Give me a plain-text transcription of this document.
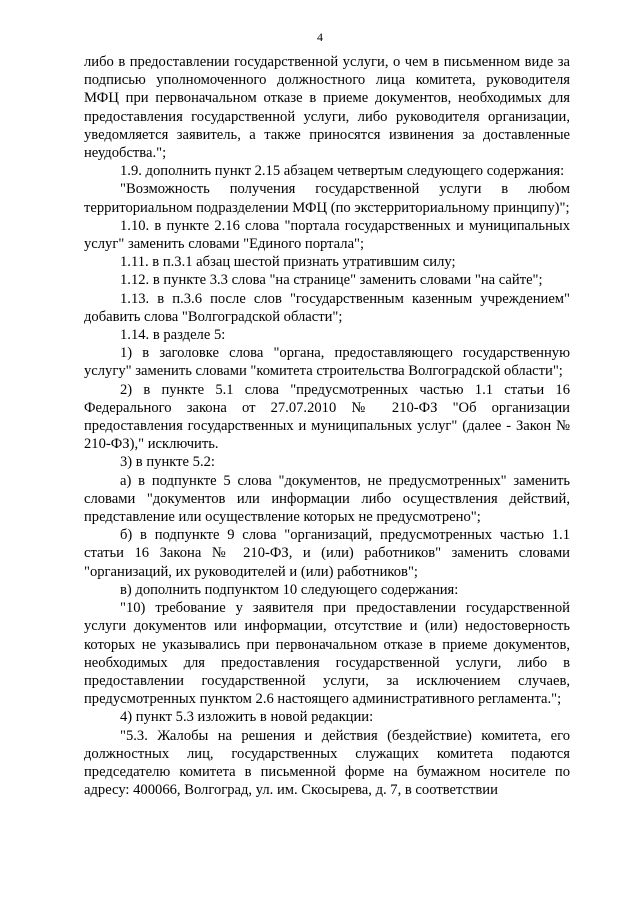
4

либо в предоставлении государственной услуги, о чем в письменном виде за подписью уполномоченного должностного лица комитета, руководителя МФЦ при первоначальном отказе в приеме документов, необходимых для предоставления государственной услуги, либо руководителя организации, уведомляется заявитель, а также приносятся извинения за доставленные неудобства.";

1.9. дополнить пункт 2.15 абзацем четвертым следующего содержания:

"Возможность получения государственной услуги в любом территориальном подразделении МФЦ (по экстерриториальному принципу)";

1.10. в пункте 2.16 слова "портала государственных и муниципальных услуг" заменить словами "Единого портала";

1.11. в п.3.1 абзац шестой признать утратившим силу;

1.12. в пункте 3.3 слова "на странице" заменить словами "на сайте";

1.13. в п.3.6 после слов "государственным казенным учреждением" добавить слова "Волгоградской области";

1.14. в разделе 5:

1) в заголовке слова "органа, предоставляющего государственную услугу" заменить словами "комитета строительства Волгоградской области";

2) в пункте 5.1 слова "предусмотренных частью 1.1 статьи 16 Федерального закона от 27.07.2010 № 210-ФЗ "Об организации предоставления государственных и муниципальных услуг" (далее - Закон № 210-ФЗ)," исключить.

3) в пункте 5.2:

а) в подпункте 5 слова "документов, не предусмотренных" заменить словами "документов или информации либо осуществления действий, представление или осуществление которых не предусмотрено";

б) в подпункте 9 слова "организаций, предусмотренных частью 1.1 статьи 16 Закона № 210-ФЗ, и (или) работников" заменить словами "организаций, их руководителей и (или) работников";

в) дополнить подпунктом 10 следующего содержания:

"10) требование у заявителя при предоставлении государственной услуги документов или информации, отсутствие и (или) недостоверность которых не указывались при первоначальном отказе в приеме документов, необходимых для предоставления государственной услуги, либо в предоставлении государственной услуги, за исключением случаев, предусмотренных пунктом 2.6 настоящего административного регламента.";

4) пункт 5.3 изложить в новой редакции:

"5.3. Жалобы на решения и действия (бездействие) комитета, его должностных лиц, государственных служащих комитета подаются председателю комитета в письменной форме на бумажном носителе по адресу: 400066, Волгоград, ул. им. Скосырева, д. 7, в соответствии
